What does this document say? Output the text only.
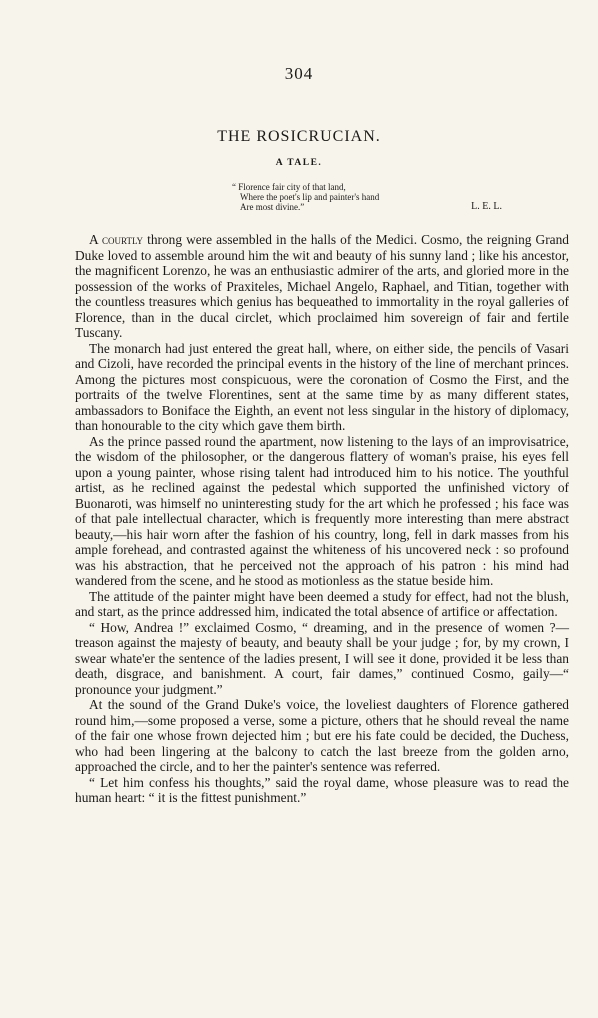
304
THE ROSICRUCIAN.
A TALE.
“ Florence fair city of that land,
Where the poet's lip and painter's hand
Are most divine.”	L. E. L.

A courtly throng were assembled in the halls of the Medici. Cosmo, the reigning Grand Duke loved to assemble around him the wit and beauty of his sunny land ; like his ancestor, the magnificent Lorenzo, he was an enthusiastic admirer of the arts, and gloried more in the possession of the works of Praxiteles, Michael Angelo, Raphael, and Titian, together with the countless treasures which genius has bequeathed to immortality in the royal galleries of Florence, than in the ducal circlet, which proclaimed him sovereign of fair and fertile Tuscany.

The monarch had just entered the great hall, where, on either side, the pencils of Vasari and Cizoli, have recorded the principal events in the history of the line of merchant princes. Among the pictures most conspicuous, were the coronation of Cosmo the First, and the portraits of the twelve Florentines, sent at the same time by as many different states, ambassadors to Boniface the Eighth, an event not less singular in the history of diplomacy, than honourable to the city which gave them birth.

As the prince passed round the apartment, now listening to the lays of an improvisatrice, the wisdom of the philosopher, or the dangerous flattery of woman's praise, his eyes fell upon a young painter, whose rising talent had introduced him to his notice. The youthful artist, as he reclined against the pedestal which supported the unfinished victory of Buonaroti, was himself no uninteresting study for the art which he professed ; his face was of that pale intellectual character, which is frequently more interesting than mere abstract beauty,—his hair worn after the fashion of his country, long, fell in dark masses from his ample forehead, and contrasted against the whiteness of his uncovered neck : so profound was his abstraction, that he perceived not the approach of his patron : his mind had wandered from the scene, and he stood as motionless as the statue beside him.

The attitude of the painter might have been deemed a study for effect, had not the blush, and start, as the prince addressed him, indicated the total absence of artifice or affectation.

“ How, Andrea !” exclaimed Cosmo, “ dreaming, and in the presence of women ?—treason against the majesty of beauty, and beauty shall be your judge ; for, by my crown, I swear whate'er the sentence of the ladies present, I will see it done, provided it be less than death, disgrace, and banishment. A court, fair dames,” continued Cosmo, gaily—“ pronounce your judgment.”

At the sound of the Grand Duke's voice, the loveliest daughters of Florence gathered round him,—some proposed a verse, some a picture, others that he should reveal the name of the fair one whose frown dejected him ; but ere his fate could be decided, the Duchess, who had been lingering at the balcony to catch the last breeze from the golden arno, approached the circle, and to her the painter's sentence was referred.

“ Let him confess his thoughts,” said the royal dame, whose pleasure was to read the human heart: “ it is the fittest punishment.”
